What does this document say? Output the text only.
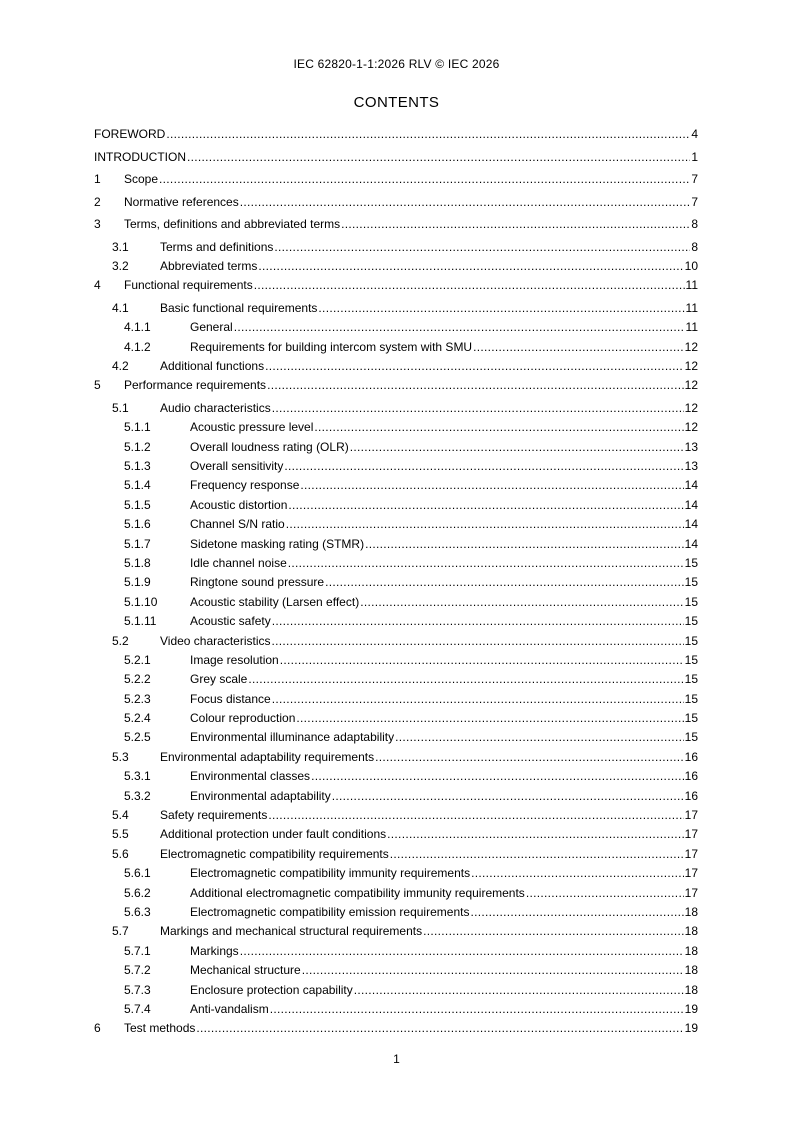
IEC 62820-1-1:2026 RLV © IEC 2026
CONTENTS
FOREWORD .....	4
INTRODUCTION .....	1
1 Scope .....	7
2 Normative references .....	7
3 Terms, definitions and abbreviated terms .....	8
3.1	Terms and definitions .....	8
3.2	Abbreviated terms .....	10
4 Functional requirements .....	11
4.1	Basic functional requirements .....	11
4.1.1	General .....	11
4.1.2	Requirements for building intercom system with SMU .....	12
4.2	Additional functions .....	12
5 Performance requirements .....	12
5.1	Audio characteristics .....	12
5.1.1	Acoustic pressure level .....	12
5.1.2	Overall loudness rating (OLR) .....	13
5.1.3	Overall sensitivity .....	13
5.1.4	Frequency response .....	14
5.1.5	Acoustic distortion .....	14
5.1.6	Channel S/N ratio .....	14
5.1.7	Sidetone masking rating (STMR) .....	14
5.1.8	Idle channel noise .....	15
5.1.9	Ringtone sound pressure .....	15
5.1.10	Acoustic stability (Larsen effect) .....	15
5.1.11	Acoustic safety .....	15
5.2	Video characteristics .....	15
5.2.1	Image resolution .....	15
5.2.2	Grey scale .....	15
5.2.3	Focus distance .....	15
5.2.4	Colour reproduction .....	15
5.2.5	Environmental illuminance adaptability .....	15
5.3	Environmental adaptability requirements .....	16
5.3.1	Environmental classes .....	16
5.3.2	Environmental adaptability .....	16
5.4	Safety requirements .....	17
5.5	Additional protection under fault conditions .....	17
5.6	Electromagnetic compatibility requirements .....	17
5.6.1	Electromagnetic compatibility immunity requirements .....	17
5.6.2	Additional electromagnetic compatibility immunity requirements .....	17
5.6.3	Electromagnetic compatibility emission requirements .....	18
5.7	Markings and mechanical structural requirements .....	18
5.7.1	Markings .....	18
5.7.2	Mechanical structure .....	18
5.7.3	Enclosure protection capability .....	18
5.7.4	Anti-vandalism .....	19
6 Test methods .....	19
1
